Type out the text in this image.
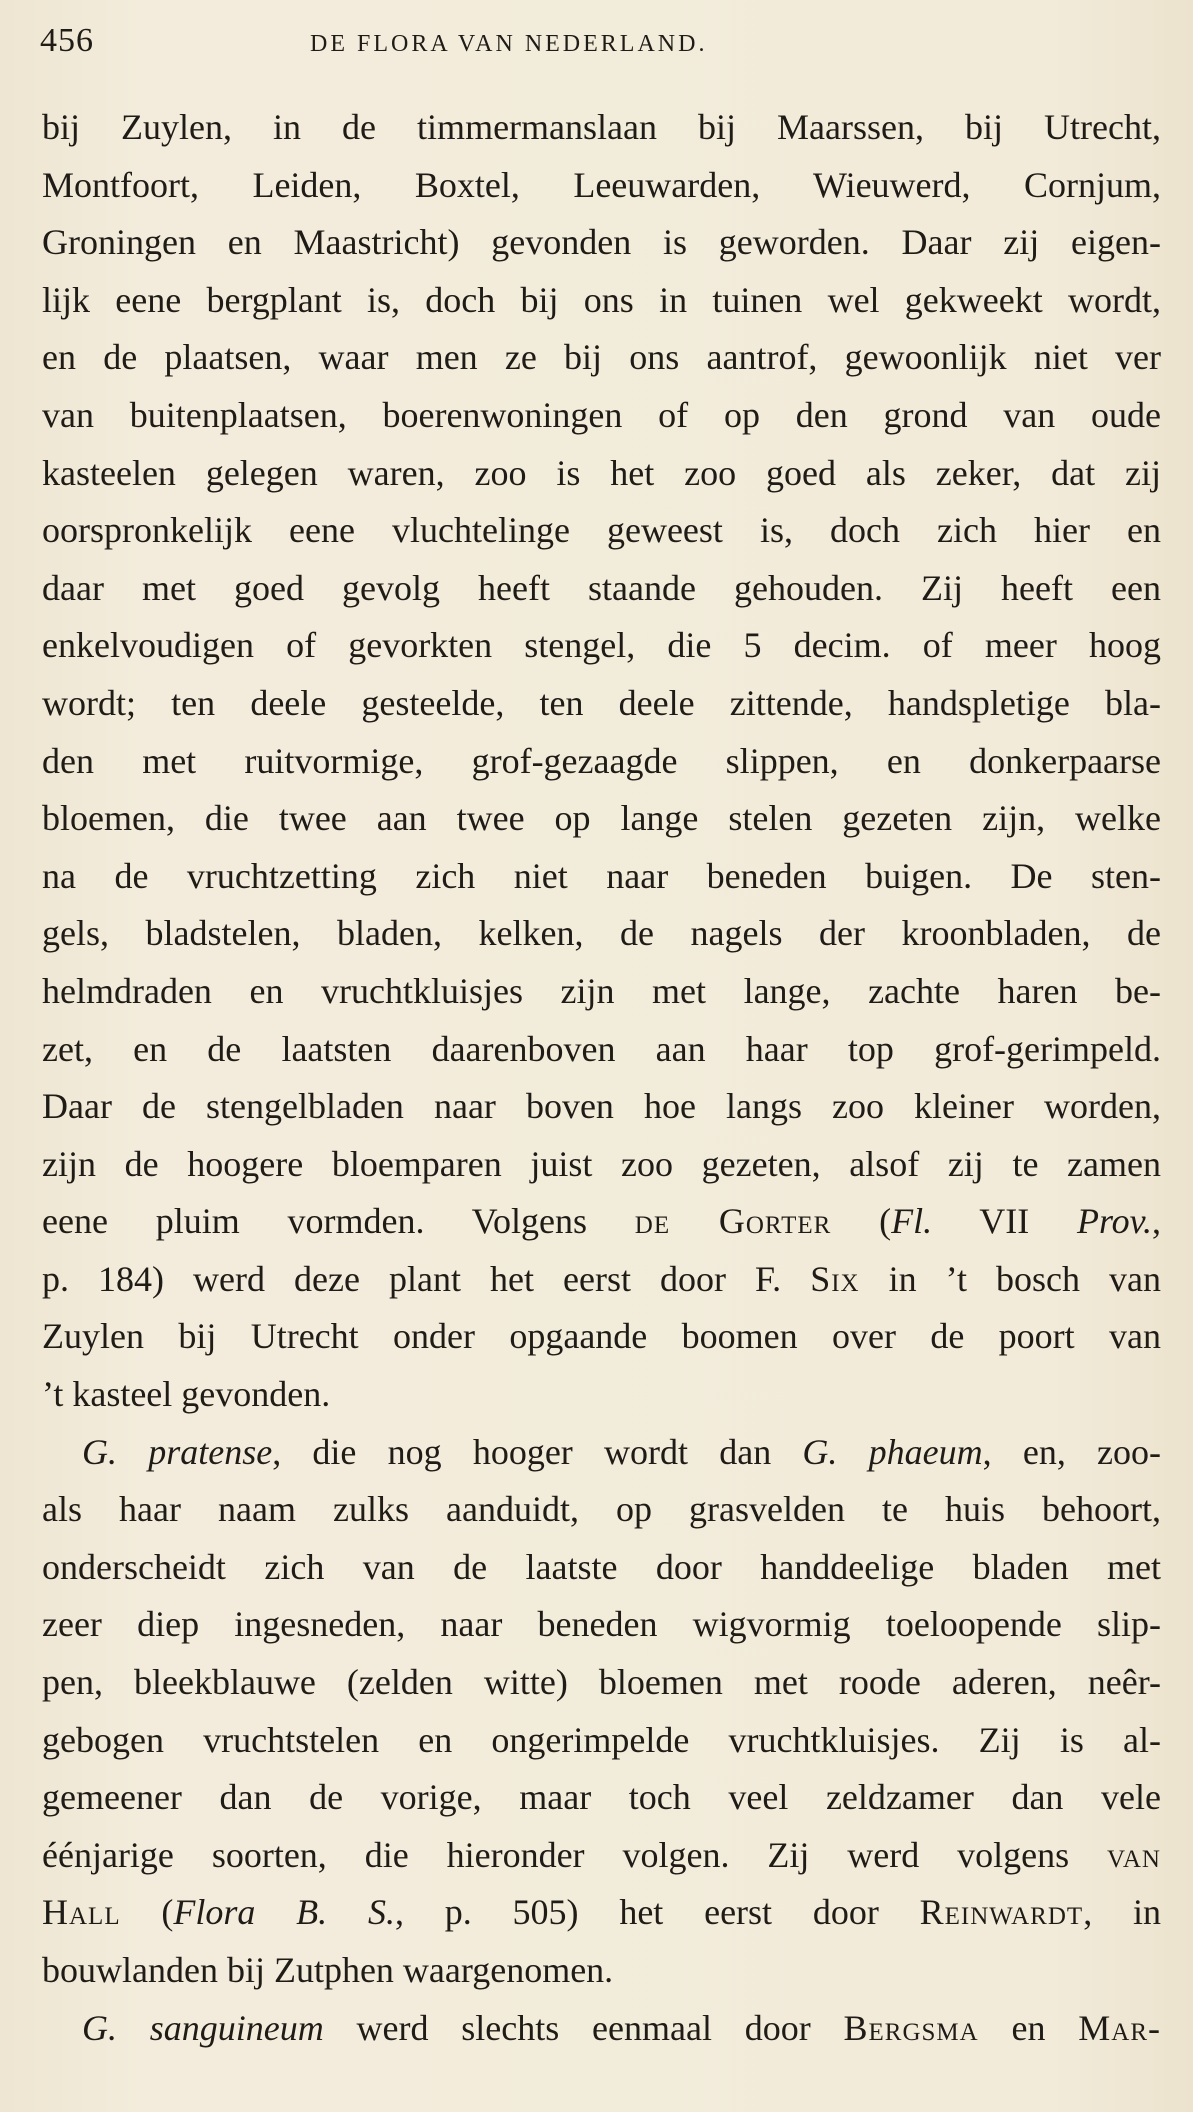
456	DE FLORA VAN NEDERLAND.
bij Zuylen, in de timmermanslaan bij Maarssen, bij Utrecht,
Montfoort, Leiden, Boxtel, Leeuwarden, Wieuwerd, Cornjum,
Groningen en Maastricht) gevonden is geworden. Daar zij eigen-
lijk eene bergplant is, doch bij ons in tuinen wel gekweekt wordt,
en de plaatsen, waar men ze bij ons aantrof, gewoonlijk niet ver
van buitenplaatsen, boerenwoningen of op den grond van oude
kasteelen gelegen waren, zoo is het zoo goed als zeker, dat zij
oorspronkelijk eene vluchtelinge geweest is, doch zich hier en
daar met goed gevolg heeft staande gehouden. Zij heeft een
enkelvoudigen of gevorkten stengel, die 5 decim. of meer hoog
wordt; ten deele gesteelde, ten deele zittende, handspletige bla-
den met ruitvormige, grof-gezaagde slippen, en donkerpaarse
bloemen, die twee aan twee op lange stelen gezeten zijn, welke
na de vruchtzetting zich niet naar beneden buigen. De sten-
gels, bladstelen, bladen, kelken, de nagels der kroonbladen, de
helmdraden en vruchtkluisjes zijn met lange, zachte haren be-
zet, en de laatsten daarenboven aan haar top grof-gerimpeld.
Daar de stengelbladen naar boven hoe langs zoo kleiner worden,
zijn de hoogere bloemparen juist zoo gezeten, alsof zij te zamen
eene pluim vormden. Volgens de Gorter (Fl. VII Prov.,
p. 184) werd deze plant het eerst door F. Six in ’t bosch van
Zuylen bij Utrecht onder opgaande boomen over de poort van
’t kasteel gevonden.
G. pratense, die nog hooger wordt dan G. phaeum, en, zoo-
als haar naam zulks aanduidt, op grasvelden te huis behoort,
onderscheidt zich van de laatste door handdeelige bladen met
zeer diep ingesneden, naar beneden wigvormig toeloopende slip-
pen, bleekblauwe (zelden witte) bloemen met roode aderen, neêr-
gebogen vruchtstelen en ongerimpelde vruchtkluisjes. Zij is al-
gemeener dan de vorige, maar toch veel zeldzamer dan vele
éénjarige soorten, die hieronder volgen. Zij werd volgens van
Hall (Flora B. S., p. 505) het eerst door Reinwardt, in
bouwlanden bij Zutphen waargenomen.
G. sanguineum werd slechts eenmaal door Bergsma en Mar-
